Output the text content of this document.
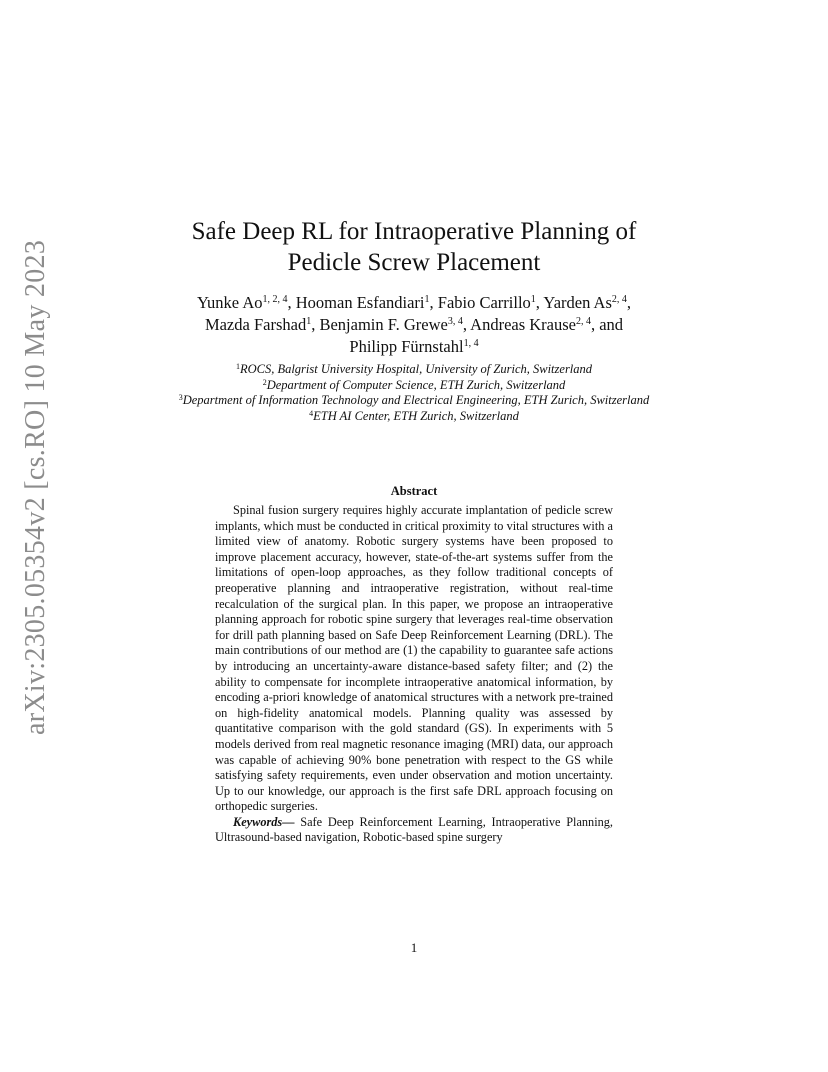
arXiv:2305.05354v2 [cs.RO] 10 May 2023
Safe Deep RL for Intraoperative Planning of
Pedicle Screw Placement
Yunke Ao$^{1, 2, 4}$, Hooman Esfandiari$^1$, Fabio Carrillo$^1$, Yarden As$^{2, 4}$, Mazda Farshad$^1$, Benjamin F. Grewe$^{3, 4}$, Andreas Krause$^{2, 4}$, and Philipp Fürnstahl$^{1, 4}$
$^1$ROCS, Balgrist University Hospital, University of Zurich, Switzerland
$^2$Department of Computer Science, ETH Zurich, Switzerland
$^3$Department of Information Technology and Electrical Engineering, ETH Zurich, Switzerland
$^4$ETH AI Center, ETH Zurich, Switzerland
Abstract

Spinal fusion surgery requires highly accurate implantation of pedicle screw implants, which must be conducted in critical proximity to vital structures with a limited view of anatomy. Robotic surgery systems have been proposed to improve placement accuracy, however, state-of-the-art systems suffer from the limitations of open-loop approaches, as they follow traditional concepts of preoperative planning and intraoperative registration, without real-time recalculation of the surgical plan. In this paper, we propose an intraoperative planning approach for robotic spine surgery that leverages real-time observation for drill path planning based on Safe Deep Reinforcement Learning (DRL). The main contributions of our method are (1) the capability to guarantee safe actions by introducing an uncertainty-aware distance-based safety filter; and (2) the ability to compensate for incomplete intraoperative anatomical information, by encoding a-priori knowledge of anatomical structures with a network pre-trained on high-fidelity anatomical models. Planning quality was assessed by quantitative comparison with the gold standard (GS). In experiments with 5 models derived from real magnetic resonance imaging (MRI) data, our approach was capable of achieving 90% bone penetration with respect to the GS while satisfying safety requirements, even under observation and motion uncertainty. Up to our knowledge, our approach is the first safe DRL approach focusing on orthopedic surgeries.

Keywords— Safe Deep Reinforcement Learning, Intraoperative Planning, Ultrasound-based navigation, Robotic-based spine surgery

1
